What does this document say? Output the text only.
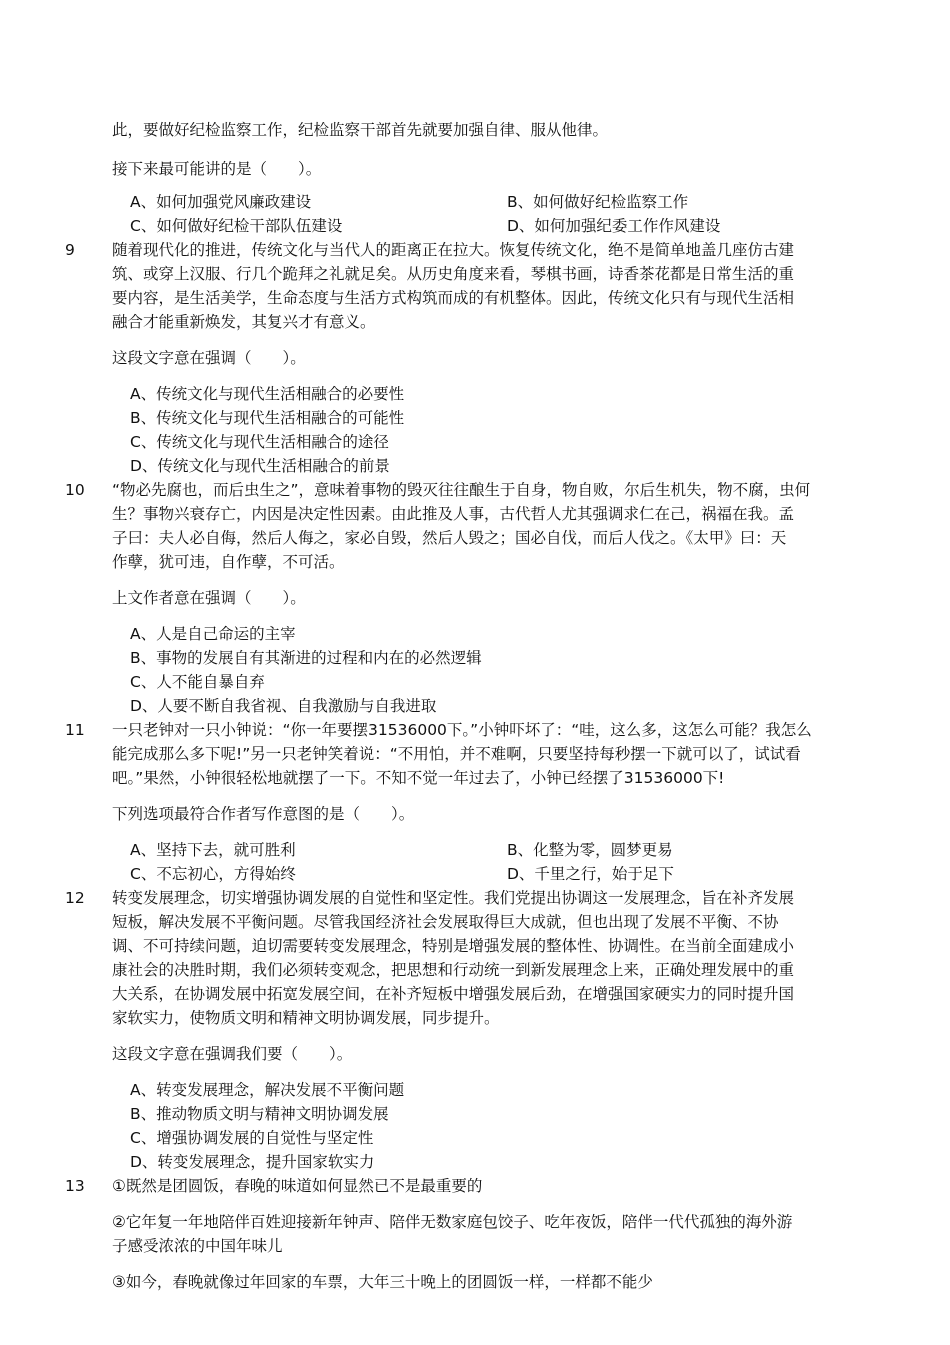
此，要做好纪检监察工作，纪检监察干部首先就要加强自律、服从他律。
接下来最可能讲的是（　　）。
A、如何加强党风廉政建设	B、如何做好纪检监察工作
C、如何做好纪检干部队伍建设	D、如何加强纪委工作作风建设
9 随着现代化的推进，传统文化与当代人的距离正在拉大。恢复传统文化，绝不是简单地盖几座仿古建
筑、或穿上汉服、行几个跪拜之礼就足矣。从历史角度来看，琴棋书画，诗香茶花都是日常生活的重
要内容，是生活美学，生命态度与生活方式构筑而成的有机整体。因此，传统文化只有与现代生活相
融合才能重新焕发，其复兴才有意义。
这段文字意在强调（　　）。
A、传统文化与现代生活相融合的必要性
B、传统文化与现代生活相融合的可能性
C、传统文化与现代生活相融合的途径
D、传统文化与现代生活相融合的前景
10 “物必先腐也，而后虫生之”，意味着事物的毁灭往往酿生于自身，物自败，尔后生机失，物不腐，虫何
生？事物兴衰存亡，内因是决定性因素。由此推及人事，古代哲人尤其强调求仁在己，祸福在我。孟
子曰：夫人必自侮，然后人侮之，家必自毁，然后人毁之；国必自伐，而后人伐之。《太甲》曰：天
作孽，犹可违，自作孽，不可活。
上文作者意在强调（　　）。
A、人是自己命运的主宰
B、事物的发展自有其渐进的过程和内在的必然逻辑
C、人不能自暴自弃
D、人要不断自我省视、自我激励与自我进取
11 一只老钟对一只小钟说：“你一年要摆31536000下。”小钟吓坏了：“哇，这么多，这怎么可能？我怎么
能完成那么多下呢!”另一只老钟笑着说：“不用怕，并不难啊，只要坚持每秒摆一下就可以了，试试看
吧。”果然，小钟很轻松地就摆了一下。不知不觉一年过去了，小钟已经摆了31536000下!
下列选项最符合作者写作意图的是（　　）。
A、坚持下去，就可胜利	B、化整为零，圆梦更易
C、不忘初心，方得始终	D、千里之行，始于足下
12 转变发展理念，切实增强协调发展的自觉性和坚定性。我们党提出协调这一发展理念，旨在补齐发展
短板，解决发展不平衡问题。尽管我国经济社会发展取得巨大成就，但也出现了发展不平衡、不协
调、不可持续问题，迫切需要转变发展理念，特别是增强发展的整体性、协调性。在当前全面建成小
康社会的决胜时期，我们必须转变观念，把思想和行动统一到新发展理念上来，正确处理发展中的重
大关系，在协调发展中拓宽发展空间，在补齐短板中增强发展后劲，在增强国家硬实力的同时提升国
家软实力，使物质文明和精神文明协调发展，同步提升。
这段文字意在强调我们要（　　）。
A、转变发展理念，解决发展不平衡问题
B、推动物质文明与精神文明协调发展
C、增强协调发展的自觉性与坚定性
D、转变发展理念，提升国家软实力
13 ①既然是团圆饭，春晚的味道如何显然已不是最重要的
②它年复一年地陪伴百姓迎接新年钟声、陪伴无数家庭包饺子、吃年夜饭，陪伴一代代孤独的海外游
子感受浓浓的中国年味儿
③如今，春晚就像过年回家的车票，大年三十晚上的团圆饭一样，一样都不能少
